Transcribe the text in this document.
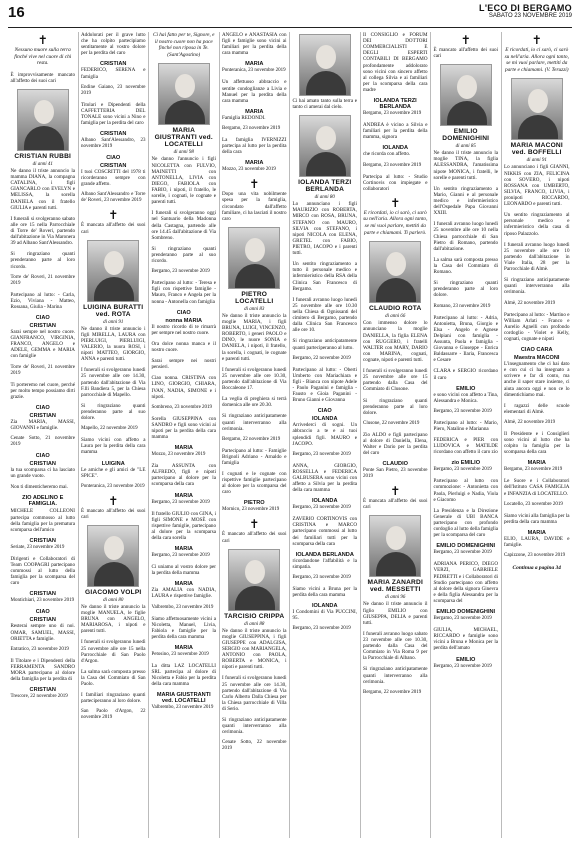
16	L'ECO DI BERGAMO
SABATO 23 NOVEMBRE 2019
✝
Nessuno muore sulla terra finché vive nel cuore di chi resta.
È improvvisamente mancato all'affetto dei suoi cari
CRISTIAN RUBBI
di anni 41
Ne danno il triste annuncio la mamma DIANA, la compagna CATALINA, i figli GIANCARLO con EVELYN e MELISSA, la sorella DANIELA con il fratello GIULIA e parenti tutti.
I funerali si svolgeranno sabato alle ore 15 nella Parrocchiale di Torre de' Roveri, partendo dall'abitazione in Via Maronera 39 ad Albano Sant'Alessandro.
Si ringraziano quanti prenderanno parte al loro ricordo.
Torre de' Roveri, 21 novembre 2019
Partecipano al lutto: - Carla, Ezio, Viviana - Matteo, Rossana, Giulia - Marina
CIAO
CRISTIAN
Sarai sempre nel nostro cuore. GIANFRANCO, VIRGINIA, FRANCO, ANGELO e ADELE, GEMMA e MARIA con famiglie
Torre de' Roveri, 21 novembre 2019
Ti porteremo nel cuore, perché per molto tempo possiamo dirti grazie.
CIAO
CRISTIAN
Zia MARIA, MASSI, GIOVANNI e famiglie.
Cenate Sotto, 21 novembre 2019
CIAO
CRISTIAN
la tua scomparsa ci ha lasciato un grande vuoto.
Non ti dimenticheremo mai.
ZIO ADELINO E FAMIGLIA.
MICHELE COLLEONI partecipa commosso al lutto della famiglia per la prematura scomparsa dell'amico
CRISTIAN
Seriate, 23 novembre 2019
Dirigenti e Collaboratori di Team COOPAGRI partecipano commossi al lutto della famiglia per la scomparsa del caro
CRISTIAN
Montichiari, 23 novembre 2019
CIAO
CRISTIAN
Resterai sempre uno di noi. OMAR, SAMUEL, MASSI, ORIETTA e famiglie.
Entratico, 23 novembre 2019
Il Titolare e i Dipendenti della FERRAMENTA SANDRO MORA partecipano al dolore della famiglia per la perdita di
CRISTIAN
Trescore, 22 novembre 2019
Addolorati per il grave lutto che ha colpito partecipiamo sentitamente al vostro dolore per la perdita del caro
CRISTIAN
FEDERICO, SERENA e famiglia
Endine Gaiano, 23 novembre 2019
Titolari e Dipendenti della CAFFETTERIA DEL TONALE sono vicini a Nino e famiglia per la perdita del caro
CRISTIAN
Albano Sant'Alessandro, 23 novembre 2019
CIAO
CRISTIAN
I tuoi COSCRITTI del 1978 ti ricorderanno sempre con grande affetto.
Albano Sant'Alessandro e Torre de' Roveri, 23 novembre 2019
✝
È mancata all'affetto dei suoi cari
LUIGINA BURATTI ved. ROTA
di anni 91
Ne danno il triste annuncio i figli MIRELLA, LAURA con PIERLUIGI, PIERLUIGI, VALERIO, la nuora ROSI, i nipoti MATTEO, GIORGIO, ANNA e parenti tutti.
I funerali si svolgeranno lunedì 25 novembre alle ore 14.30, partendo dall'abitazione di Via F.lli Bandiera 5, per la Chiesa parrocchiale di Mapello.
Si ringraziano quanti prenderanno parte al suo dolore.
Mapello, 22 novembre 2019
Siamo vicini con affetto a Laura per la perdita della cara mamma
LUIGINA
Le amiche e gli amici de "LE SPICE".
Ponteranica, 23 novembre 2019
✝
È mancato all'affetto dei suoi cari
GIACOMO VOLPI
di anni 80
Ne danno il triste annuncio la moglie MANUELA, le figlie BRUNA con ANGELO, MARIAROSA, i nipoti e parenti tutti.
I funerali si svolgeranno lunedì 25 novembre alle ore 15 nella Parrocchiale di San Paolo d'Argon.
La salma sarà composta presso la Casa del Commiato di San Paolo.
I familiari ringraziano quanti parteciperanno al loro dolore.
San Paolo d'Argon, 22 novembre 2019
Ci hai fatto per te, Signore, e il nostro cuore non ha pace finché non riposa in Te. (Sant'Agostino)
MARIA GIUSTRANTI ved. LOCATELLI
di anni 98
Ne danno l'annuncio i figli NICOLETTA con FULVIO, MAINETTI con ANTONELLA, LIVIA con DIEGO, FABIOLA con FABIO, i nipoti, il fratello, le sorelle, i cognati, le cognate e parenti tutti.
I funerali si svolgeranno oggi nel Santuario della Madonna della Castagna, partendo alle ore 14.45 dall'abitazione di Via Sombreno.
Si ringraziano quanti prenderanno parte al suo ricordo.
Bergamo, 23 novembre 2019
Partecipano al lutto: - Teresa e figli con rispettive famiglie - Mauro, Franco e Angela per la nonna - Antonella con famiglia
CIAO
nonna MARIA
Il nostro ricordo di te rimarrà per sempre nel nostro cuore.
Ora dolce nonna manca e il nostro cuore.
Sarai sempre nei nostri pensieri.
Ciao nonna. CRISTINA con LINO, GIORGIO, CHIARA, IVAN, NADIA, SIMONE e i nipoti.
Sombreno, 23 novembre 2019
Sorella GIUSEPPINA con SANDRO e figli sono vicini ai nipoti per la perdita della cara mamma
MARIA
Mozzo, 23 novembre 2019
Zia ASSUNTA con ALFREDO, figli e nipoti partecipano al dolore per la scomparsa della cara
MARIA
Bergamo, 23 novembre 2019
Il fratello GIULIO con GINA, i figli SIMONE e MOSÈ con rispettive famiglie, partecipano al dolore per la scomparsa della cara sorella
MARIA
Bergamo, 23 novembre 2019
Ci uniamo al vostro dolore per la perdita della mamma
MARIA
Zia AMALIA con NADIA, LAURA e rispettive famiglie.
Valbrembo, 23 novembre 2019
Siamo affettuosamente vicini a Nicoletta, Manuel, Livia, Fabiola e famiglie per la perdita della cara mamma
MARIA
Petosino, 23 novembre 2019
La ditta LAZ LOCATELLI SRL partecipa al dolore di Nicoletta e Fabio per la perdita della cara mamma
MARIA GIUSTRANTI ved. LOCATELLI
Valbrembo, 23 novembre 2019
ANGELO e ANASTASIA con figli e famiglie sono vicini ai familiari per la perdita della cara mamma
MARIA
Ponteranica, 23 novembre 2019
Un affettuoso abbraccio e sentite condoglianze a Livia e Manuel per la perdita della cara mamma
MARIA
Famiglia REDONDI.
Bergamo, 23 novembre 2019
La famiglia IVERNIZZI partecipa al lutto per la perdita della cara
MARIA
Mozzo, 23 novembre 2019
✝
Dopo una vita nobilmente spesa per la famiglia, circondato dall'affetto familiare, ci ha lasciati il nostro caro
PIETRO LOCATELLI
di anni 83
Ne danno il triste annuncio la moglie MARIA, i figli BRUNA, LUIGI, VINCENZO, ROBERTO, i generi PAOLO e DINO, le nuore SONIA e DANIELA, i nipoti, il fratello, la sorella, i cognati, le cognate e parenti tutti.
I funerali si svolgeranno lunedì 25 novembre alle ore 10.30, partendo dall'abitazione di Via Boccaleone 17.
La veglia di preghiera si terrà domenica alle ore 20.30.
Si ringraziano anticipatamente quanti interverranno alla cerimonia.
Bergamo, 22 novembre 2019
Partecipano al lutto: - Famiglie Brignoli Adriano - Arnaldo e famiglia
I cognati e le cognate con rispettive famiglie partecipano al dolore per la scomparsa del caro
PIETRO
Mornico, 23 novembre 2019
✝
È mancato all'affetto dei suoi cari
TARCISIO CRIPPA
di anni 88
Ne danno il triste annuncio la moglie GIUSEPPINA, i figli GIUSEPPE con ADALGISA, SERGIO con MARIANGELA, ANTONIO con PAOLA, ROBERTA e MONICA, i nipoti e parenti tutti.
I funerali si svolgeranno lunedì 25 novembre alle ore 14.30, partendo dall'abitazione di Via Carlo Alberto Dalla Chiesa per la Chiesa parrocchiale di Villa di Serio.
Si ringraziano anticipatamente quanti interverranno alla cerimonia.
Cenate Sotto, 22 novembre 2019
Ci hai amato tanto sulla terra e tanto ci amerai dal cielo.
IOLANDA TERZI BERLANDA
di anni 80
Lo annunciano i figli MAURIZIO con ROBERTA, MIRCO con ROSA, BRUNA, STEFANO con MAURO, SILVIA con STEFANO, i nipoti NICOLA con ELENA, GRETEL con FABIO, PIETRO, IACOPO e i parenti tutti.
Un sentito ringraziamento a tutto il personale medico e infermieristico della RSA della Clinica San Francesco di Bergamo.
I funerali avranno luogo lunedì 25 novembre alle ore 10.30 nella Chiesa di Ognissanti del cimitero di Bergamo, partendo dalla Clinica San Francesco alle ore 10.
Si ringraziano anticipatamente quanti parteciperanno al lutto.
Bergamo, 22 novembre 2019
Partecipano al lutto: - Oberti Umberto con Mariachiara e figli - Bianca con nipote Adele - Paolo Paganini e famiglia - Fausto e Gioia Paganini - Bruno Gianni e Giovanna
CIAO
IOLANDA
Arrivederci di sogni. Un abbraccio a te e ai tuoi splendidi figli. MAURO e JACOPO.
Bergamo, 23 novembre 2019
ANNA, GIORGIO, ROSSELLA e FEDERICA GALBUSERA sono vicini con affetto a Silvia per la perdita della cara mamma
IOLANDA
Bergamo, 23 novembre 2019
ZAVERIO CORTINOVIS con CRISTINA e MARCO partecipano commossi al lutto dei familiari tutti per la scomparsa della cara
IOLANDA BERLANDA
ricordandone l'affabilità e la simpatia.
Bergamo, 23 novembre 2019
Siamo vicini a Bruna per la perdita della cara mamma
IOLANDA
I Condomini di Via PUCCINI, 95.
Bergamo, 23 novembre 2019
Il CONSIGLIO e FORUM DEI DOTTORI COMMERCIALISTI E DEGLI ESPERTI CONTABILI DI BERGAMO profondamente addolorato sono vicini con sincero affetto al collega Silvia e ai familiari per la scomparsa della cara madre
IOLANDA TERZI BERLANDA
Bergamo, 23 novembre 2019
ANDREA è vicino a Silvia e familiari per la perdita della mamma, signora
IOLANDA
che ricorda con affetto.
Bergamo, 23 novembre 2019
Partecipa al lutto: - Studio Cortinovis con impiegate e collaboratori
✝
E ricordati, io ci sarò, ci sarò su nell'aria. Allora ogni tanto, se mi vuoi parlare, mettiti da parte e chiamami. Ti parlerò.
CLAUDIO ROTA
di anni 66
Con immenso dolore lo annunciano la moglie DANIELLA, la figlia ELENA con RUGGERO, i fratelli WALTER con MARY, DARIO con MARINA, cognati, cognate, nipoti e parenti tutti.
I funerali si svolgeranno lunedì 25 novembre alle ore 15 partendo dalla Casa del Commiato di Clusone.
Si ringraziano quanti prenderanno parte al loro dolore.
Clusone, 22 novembre 2019
Zio ALDO e figli partecipano al dolore di Daniella, Elena, Walter e Dario per la perdita del caro
CLAUDIO
Ponte San Pietro, 23 novembre 2019
✝
È mancata all'affetto dei suoi cari
MARIA ZANARDI ved. MESSETTI
di anni 96
Ne danno il triste annuncio il figlio EMILIO con GIUSEPPA, DELIA e parenti tutti.
I funerali avranno luogo sabato 23 novembre alle ore 10.30, partendo dalla Casa del Commiato in Via Roma 9 per la Parrocchiale di Albano.
Si ringraziano anticipatamente quanti interverranno alla cerimonia.
Bergamo, 22 novembre 2019
✝
È mancato all'affetto dei suoi cari
EMILIO DOMENIGHINI
di anni 85
Ne danno il triste annuncio la moglie TINA, la figlia ALESSANDRA, l'amatissima nipote MONICA, i fratelli, le sorelle e parenti tutti.
Un sentito ringraziamento a Mario, Gianni e al personale medico e infermieristico dell'Ospedale Papa Giovanni XXIII.
I funerali avranno luogo lunedì 25 novembre alle ore 10 nella Chiesa parrocchiale di San Pietro di Romano, partendo dall'abitazione.
La salma sarà composta presso la Casa del Commiato di Romano.
Si ringraziano quanti prenderanno parte al loro dolore.
Romano, 23 novembre 2019
Partecipano al lutto: - Adria, Antonietta, Bruna, Giorgio e Elsa - Angelo e Agnese Delpiani con famiglia - Assunta, Paola e famiglia - Giovanna e Giuseppe - Enrica Baldassarre - Ilaria, Francesca e Cesare
CLARA e SERGIO ricordano il caro
EMILIO
e sono vicini con affetto a Tina, Alessandra e Monica.
Bergamo, 23 novembre 2019
Partecipano al lutto: - Mario, Piero, Natalino e Marianna
FEDERICA e PIER con LUDOVICA e MATILDE ricordano con affetto il caro zio
zio EMILIO
Bergamo, 23 novembre 2019
Partecipano al lutto con commozione: - Antonietta con Paola, Pierluigi e Nadia, Viola e Giacomo
La Presidenza e la Direzione Generale di UBI BANCA partecipano con profondo cordoglio al lutto della famiglia per la scomparsa del caro
EMILIO DOMENIGHINI
Bergamo, 23 novembre 2019
ADRIANA PERICO, DIEGO VERZI, GABRIELE PEDRETTI e i Collaboratori di Studio partecipano con affetto al dolore della signora Ginevra e della figlia Alessandra per la scomparsa del
EMILIO DOMENIGHINI
Bergamo, 23 novembre 2019
GIULIA, MICHAEL, RICCARDO e famiglie sono vicini a Bruna e Monica per la perdita dell'amato
EMILIO
Bergamo, 23 novembre 2019
✝
E ricordati, io ci sarò, ci sarò su nell'aria. Allora ogni tanto, se mi vuoi parlare, mettiti da parte e chiamami. (V. Teruzzi)
MARIA MACONI ved. BOFFELLI
di anni 91
Lo annunciano i figli GIANNI, NIKKIS con ZIA, FELICINA con SOVERO, i nipoti ROSSANA con UMBERTO, SILVIA, FRANCO, LIVIA, i pronipoti RICCARDO, LEONARDO e parenti tutti.
Un sentito ringraziamento al personale medico e infermieristico della casa di riposo Palazzolo.
I funerali avranno luogo lunedì 25 novembre alle ore 10 partendo dall'abitazione in Viale Italia, 28 per la Parrocchiale di Almè.
Si ringraziano anticipatamente quanti interverranno alla cerimonia.
Almè, 22 novembre 2019
Partecipano al lutto: - Martino e William Arlati - Franco e Aurelio Agnelli con profondo cordoglio - Violet e Kelly, cognati, cognate e nipoti
CIAO CARA
Maestra MACONI
L'insegnamento che ci hai dato e con cui ci ha insegnato a scrivere e far di conto, ma anche il saper stare insieme, ci aiuta ancora oggi e non ce lo dimentichiamo mai.
I ragazzi delle scuole elementari di Almè.
Almè, 22 novembre 2019
Il Presidente e i Consiglieri sono vicini al lutto che ha colpito la famiglia per la scomparsa della cara
MARIA
Bergamo, 23 novembre 2019
Le Suore e i Collaboratori dell'Istituto CASA FAMIGLIA e INFANZIA di LOCATELLO.
Locatello, 23 novembre 2019
Siamo vicini alla famiglia per la perdita della cara mamma
MARIA
ELIO, LAURA, DAVIDE e famiglie.
Capizzone, 23 novembre 2019
Continua a pagina 34
